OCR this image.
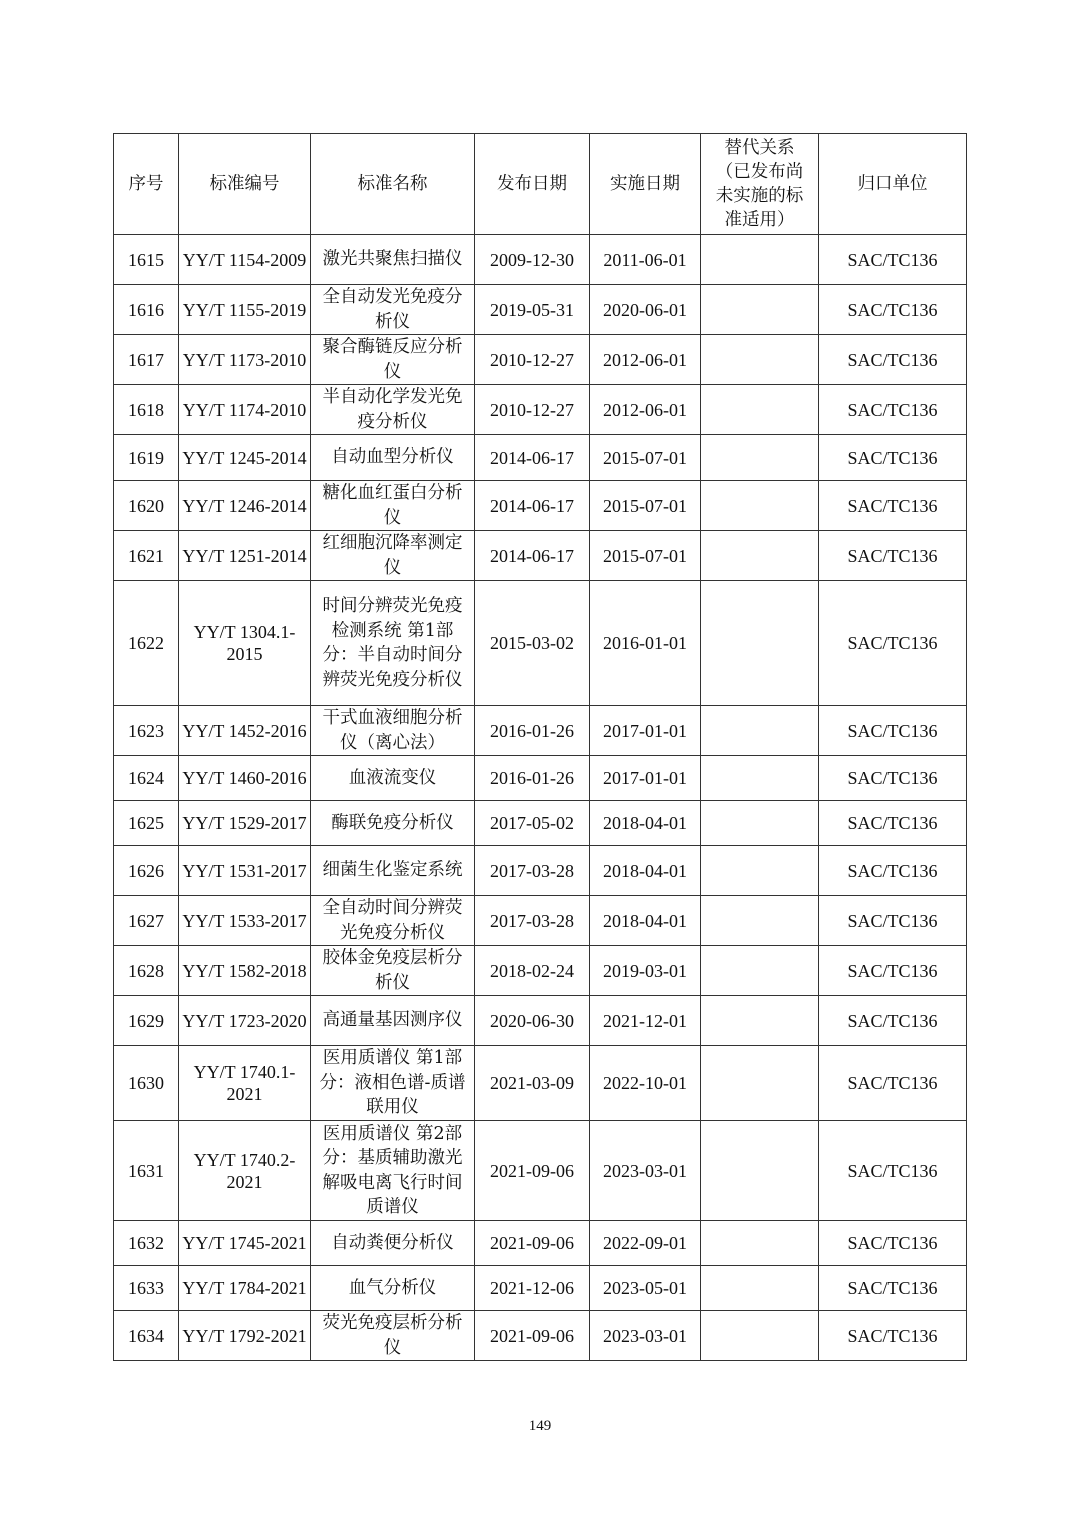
序号	标准编号	标准名称	发布日期	实施日期	替代关系（已发布尚未实施的标准适用）	归口单位
1615	YY/T 1154-2009	激光共聚焦扫描仪	2009-12-30	2011-06-01		SAC/TC136
1616	YY/T 1155-2019	全自动发光免疫分析仪	2019-05-31	2020-06-01		SAC/TC136
1617	YY/T 1173-2010	聚合酶链反应分析仪	2010-12-27	2012-06-01		SAC/TC136
1618	YY/T 1174-2010	半自动化学发光免疫分析仪	2010-12-27	2012-06-01		SAC/TC136
1619	YY/T 1245-2014	自动血型分析仪	2014-06-17	2015-07-01		SAC/TC136
1620	YY/T 1246-2014	糖化血红蛋白分析仪	2014-06-17	2015-07-01		SAC/TC136
1621	YY/T 1251-2014	红细胞沉降率测定仪	2014-06-17	2015-07-01		SAC/TC136
1622	YY/T 1304.1-2015	时间分辨荧光免疫检测系统 第1部分：半自动时间分辨荧光免疫分析仪	2015-03-02	2016-01-01		SAC/TC136
1623	YY/T 1452-2016	干式血液细胞分析仪（离心法）	2016-01-26	2017-01-01		SAC/TC136
1624	YY/T 1460-2016	血液流变仪	2016-01-26	2017-01-01		SAC/TC136
1625	YY/T 1529-2017	酶联免疫分析仪	2017-05-02	2018-04-01		SAC/TC136
1626	YY/T 1531-2017	细菌生化鉴定系统	2017-03-28	2018-04-01		SAC/TC136
1627	YY/T 1533-2017	全自动时间分辨荧光免疫分析仪	2017-03-28	2018-04-01		SAC/TC136
1628	YY/T 1582-2018	胶体金免疫层析分析仪	2018-02-24	2019-03-01		SAC/TC136
1629	YY/T 1723-2020	高通量基因测序仪	2020-06-30	2021-12-01		SAC/TC136
1630	YY/T 1740.1-2021	医用质谱仪 第1部分：液相色谱-质谱联用仪	2021-03-09	2022-10-01		SAC/TC136
1631	YY/T 1740.2-2021	医用质谱仪 第2部分：基质辅助激光解吸电离飞行时间质谱仪	2021-09-06	2023-03-01		SAC/TC136
1632	YY/T 1745-2021	自动粪便分析仪	2021-09-06	2022-09-01		SAC/TC136
1633	YY/T 1784-2021	血气分析仪	2021-12-06	2023-05-01		SAC/TC136
1634	YY/T 1792-2021	荧光免疫层析分析仪	2021-09-06	2023-03-01		SAC/TC136
149
